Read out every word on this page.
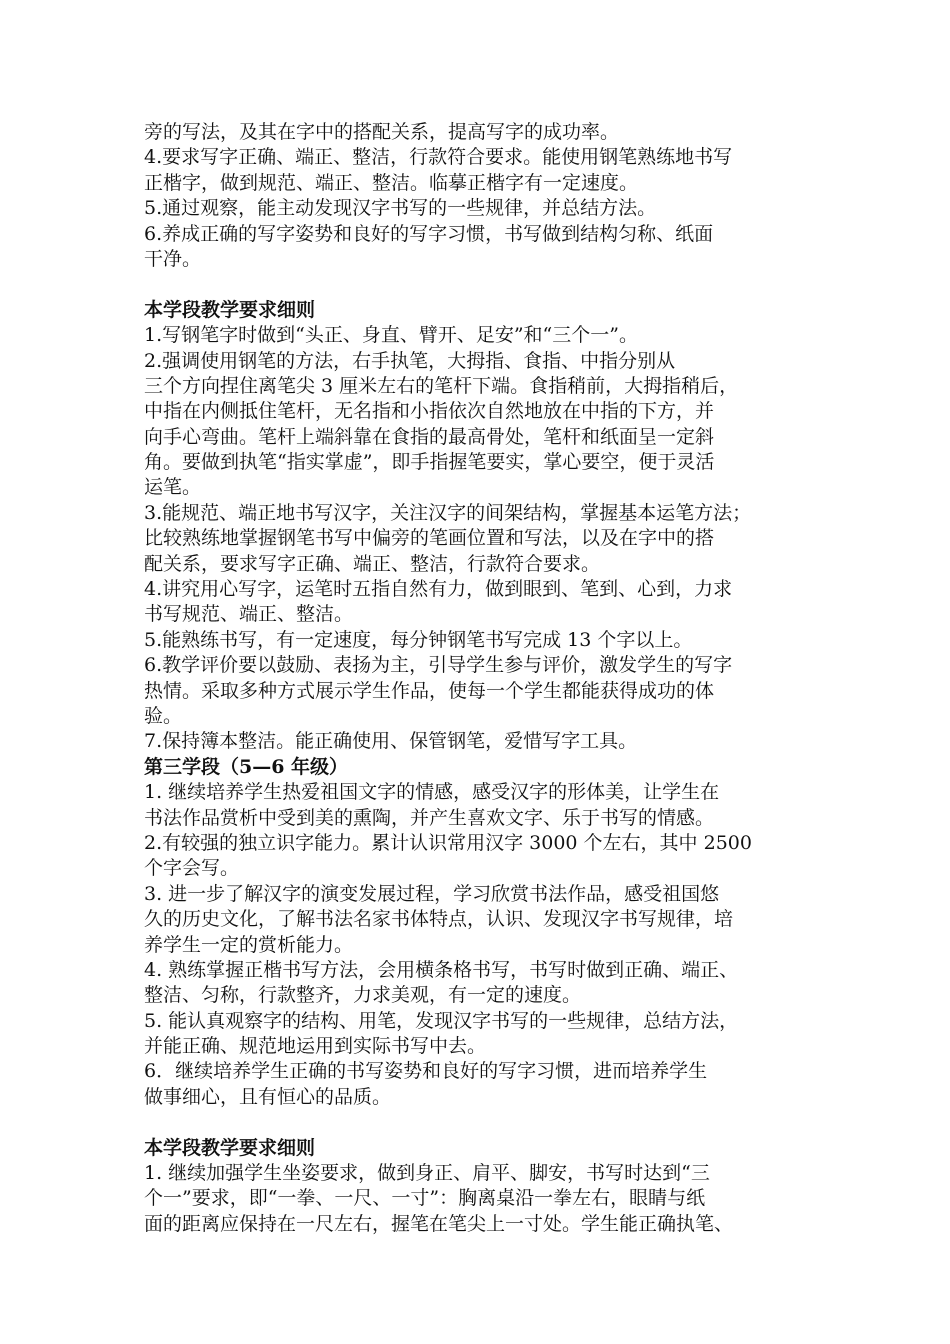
旁的写法，及其在字中的搭配关系，提高写字的成功率。
4.要求写字正确、端正、整洁，行款符合要求。能使用钢笔熟练地书写
正楷字，做到规范、端正、整洁。临摹正楷字有一定速度。
5.通过观察，能主动发现汉字书写的一些规律，并总结方法。
6.养成正确的写字姿势和良好的写字习惯，书写做到结构匀称、纸面
干净。
本学段教学要求细则
1.写钢笔字时做到“头正、身直、臂开、足安”和“三个一”。
2.强调使用钢笔的方法，右手执笔，大拇指、食指、中指分别从
三个方向捏住离笔尖 3 厘米左右的笔杆下端。食指稍前，大拇指稍后，
中指在内侧抵住笔杆，无名指和小指依次自然地放在中指的下方，并
向手心弯曲。笔杆上端斜靠在食指的最高骨处，笔杆和纸面呈一定斜
角。要做到执笔“指实掌虚”，即手指握笔要实，掌心要空，便于灵活
运笔。
3.能规范、端正地书写汉字，关注汉字的间架结构，掌握基本运笔方法；
比较熟练地掌握钢笔书写中偏旁的笔画位置和写法，以及在字中的搭
配关系，要求写字正确、端正、整洁，行款符合要求。
4.讲究用心写字，运笔时五指自然有力，做到眼到、笔到、心到，力求
书写规范、端正、整洁。
5.能熟练书写，有一定速度，每分钟钢笔书写完成 13 个字以上。
6.教学评价要以鼓励、表扬为主，引导学生参与评价，激发学生的写字
热情。采取多种方式展示学生作品，使每一个学生都能获得成功的体
验。
7.保持簿本整洁。能正确使用、保管钢笔，爱惜写字工具。
第三学段（5—6 年级）
1. 继续培养学生热爱祖国文字的情感，感受汉字的形体美，让学生在
书法作品赏析中受到美的熏陶，并产生喜欢文字、乐于书写的情感。
2.有较强的独立识字能力。累计认识常用汉字 3000 个左右，其中 2500
个字会写。
3. 进一步了解汉字的演变发展过程，学习欣赏书法作品，感受祖国悠
久的历史文化，了解书法名家书体特点，认识、发现汉字书写规律，培
养学生一定的赏析能力。
4. 熟练掌握正楷书写方法，会用横条格书写，书写时做到正确、端正、
整洁、匀称，行款整齐，力求美观，有一定的速度。
5. 能认真观察字的结构、用笔，发现汉字书写的一些规律，总结方法，
并能正确、规范地运用到实际书写中去。
6．继续培养学生正确的书写姿势和良好的写字习惯，进而培养学生
做事细心，且有恒心的品质。
本学段教学要求细则
1. 继续加强学生坐姿要求，做到身正、肩平、脚安，书写时达到“三
个一”要求，即“一拳、一尺、一寸”：胸离桌沿一拳左右，眼睛与纸
面的距离应保持在一尺左右，握笔在笔尖上一寸处。学生能正确执笔、
